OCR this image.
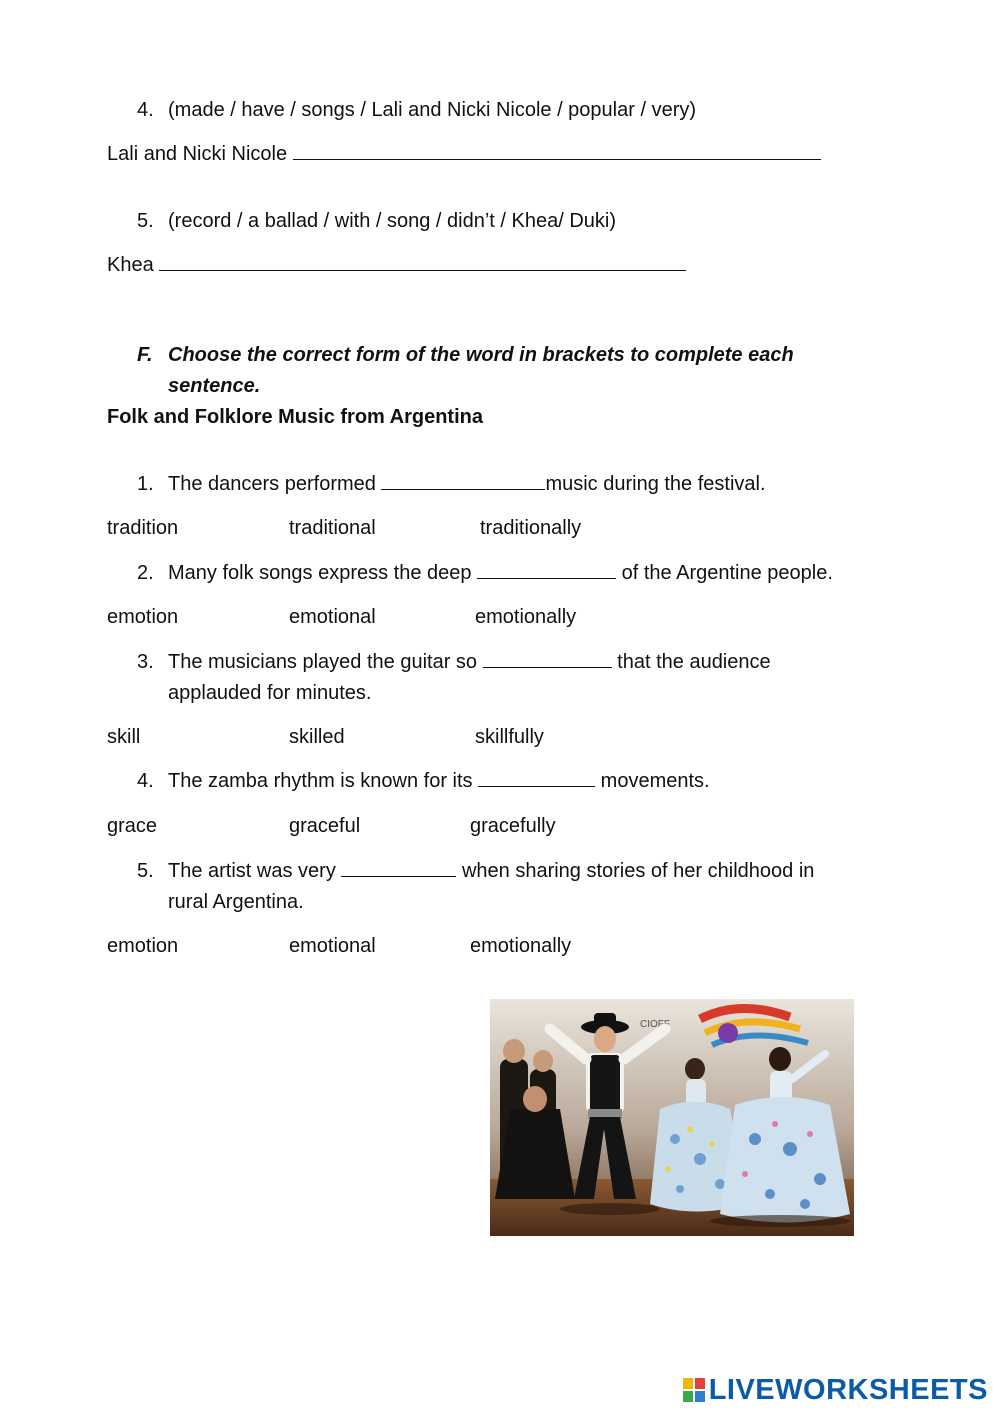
4. (made / have / songs / Lali and Nicki Nicole / popular / very)
Lali and Nicki Nicole
5. (record / a ballad / with / song / didn’t / Khea/ Duki)
Khea
F. Choose the correct form of the word in brackets to complete each
sentence.
Folk and Folklore Music from Argentina
1. The dancers performed	music during the festival.
tradition	traditional	traditionally
2. Many folk songs express the deep	of the Argentine people.
emotion	emotional	emotionally
3. The musicians played the guitar so	that the audience
applauded for minutes.
skill	skilled	skillfully
4. The zamba rhythm is known for its	movements.
grace	graceful	gracefully
5. The artist was very	when sharing stories of her childhood in
rural Argentina.
emotion	emotional	emotionally
CIOFF
LIVEWORKSHEETS
